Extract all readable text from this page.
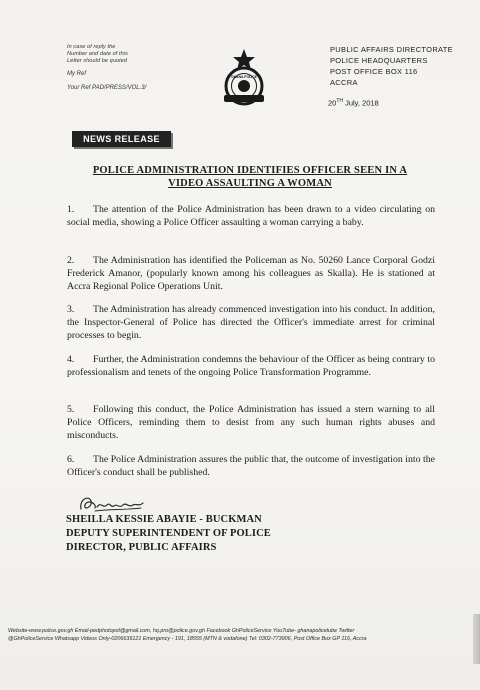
In case of reply the
Number and date of this
Letter should be quoted
My Ref
Your Ref PAD/PRESS/VOL.3/
GHANA POLICE
PUBLIC AFFAIRS DIRECTORATE
POLICE HEADQUARTERS
POST OFFICE BOX 116
ACCRA
20TH July, 2018
NEWS RELEASE
POLICE ADMINISTRATION IDENTIFIES OFFICER SEEN IN A
VIDEO ASSAULTING A WOMAN
1. The attention of the Police Administration has been drawn to a video circulating on social media, showing a Police Officer assaulting a woman carrying a baby.
2. The Administration has identified the Policeman as No. 50260 Lance Corporal Godzi Frederick Amanor, (popularly known among his colleagues as Skalla). He is stationed at Accra Regional Police Operations Unit.
3. The Administration has already commenced investigation into his conduct. In addition, the Inspector-General of Police has directed the Officer's immediate arrest for criminal processes to begin.
4. Further, the Administration condemns the behaviour of the Officer as being contrary to professionalism and tenets of the ongoing Police Transformation Programme.
5. Following this conduct, the Police Administration has issued a stern warning to all Police Officers, reminding them to desist from any such human rights abuses and misconducts.
6. The Police Administration assures the public that, the outcome of investigation into the Officer's conduct shall be published.
SHEILLA KESSIE ABAYIE - BUCKMAN
DEPUTY SUPERINTENDENT OF POLICE
DIRECTOR, PUBLIC AFFAIRS
Website-www.police.gov.gh Email-pedphotopol@gmail.com, hq.pro@police.gov.gh Facebook GhPoliceService YouTube- ghanapolicetube Twitter
@GhPoliceService Whatsapp Videos Only-0206639121 Emergency - 191, 18555 (MTN & vodafone) Tel: 0302-773906, Post Office Box GP 116, Accra
